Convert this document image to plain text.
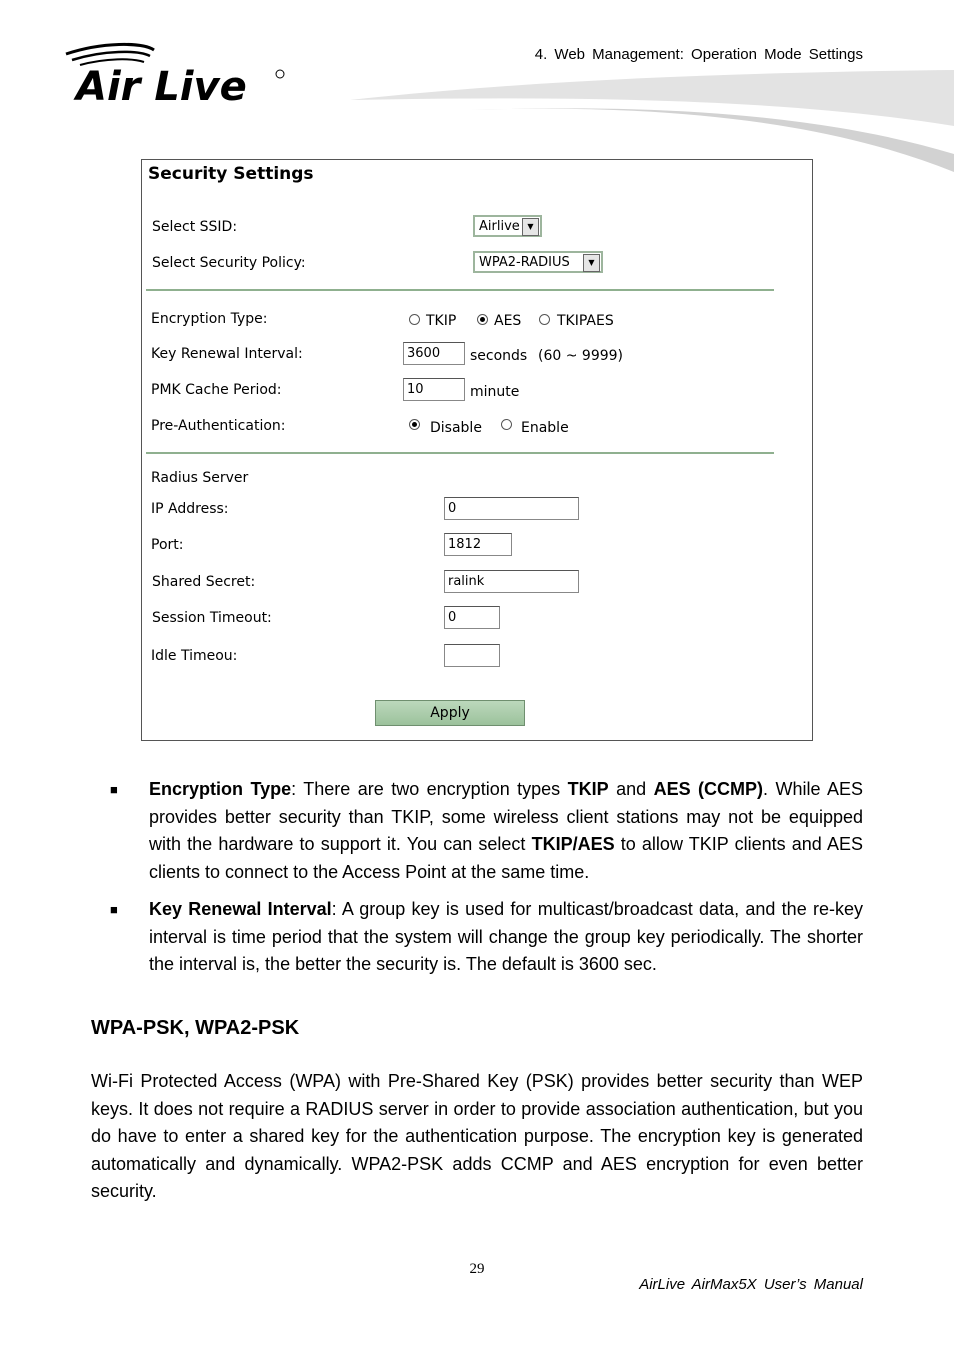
Air Live
4. Web Management: Operation Mode Settings
Security Settings
Select SSID:	Airlive ▼
Select Security Policy:	WPA2-RADIUS	▼
Encryption Type:	TKIP	AES	TKIPAES
Key Renewal Interval:	3600	seconds (60 ~ 9999)
PMK Cache Period:	10	minute
Pre-Authentication:	Disable	Enable
Radius Server
IP Address:	0
Port:	1812
Shared Secret:	ralink
Session Timeout:	0
Idle Timeou:
Apply
■ Encryption Type: There are two encryption types TKIP and AES (CCMP). While AES provides better security than TKIP, some wireless client stations may not be equipped with the hardware to support it. You can select TKIP/AES to allow TKIP clients and AES clients to connect to the Access Point at the same time.
■ Key Renewal Interval: A group key is used for multicast/broadcast data, and the re-key interval is time period that the system will change the group key periodically. The shorter the interval is, the better the security is. The default is 3600 sec.
WPA-PSK, WPA2-PSK
Wi-Fi Protected Access (WPA) with Pre-Shared Key (PSK) provides better security than WEP keys. It does not require a RADIUS server in order to provide association authentication, but you do have to enter a shared key for the authentication purpose. The encryption key is generated automatically and dynamically. WPA2-PSK adds CCMP and AES encryption for even better security.
29
AirLive AirMax5X User’s Manual
